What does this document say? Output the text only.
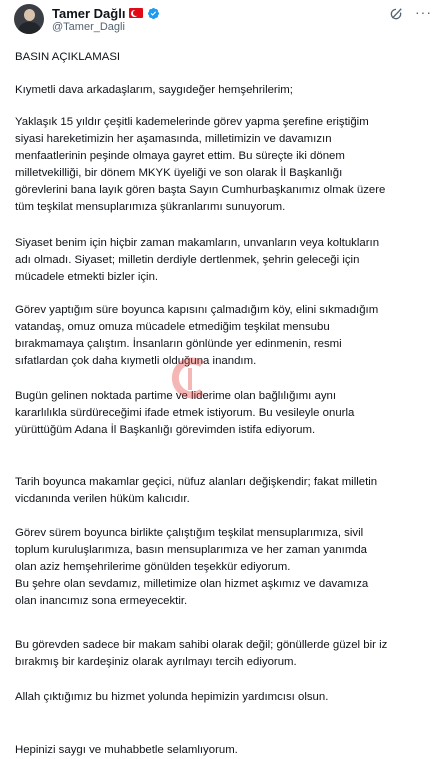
Tamer Dağlı
@Tamer_Dagli
···

BASIN AÇIKLAMASI

Kıymetli dava arkadaşlarım, saygıdeğer hemşehrilerim;

Yaklaşık 15 yıldır çeşitli kademelerinde görev yapma şerefine eriştiğim
siyasi hareketimizin her aşamasında, milletimizin ve davamızın
menfaatlerinin peşinde olmaya gayret ettim. Bu süreçte iki dönem
milletvekilliği, bir dönem MKYK üyeliği ve son olarak İl Başkanlığı
görevlerini bana layık gören başta Sayın Cumhurbaşkanımız olmak üzere
tüm teşkilat mensuplarımıza şükranlarımı sunuyorum.

Siyaset benim için hiçbir zaman makamların, unvanların veya koltukların
adı olmadı. Siyaset; milletin derdiyle dertlenmek, şehrin geleceği için
mücadele etmekti bizler için.

Görev yaptığım süre boyunca kapısını çalmadığım köy, elini sıkmadığım
vatandaş, omuz omuza mücadele etmediğim teşkilat mensubu
bırakmamaya çalıştım. İnsanların gönlünde yer edinmenin, resmi
sıfatlardan çok daha kıymetli olduğuna inandım.

Bugün gelinen noktada partime ve liderime olan bağlılığımı aynı
kararlılıkla sürdüreceğimi ifade etmek istiyorum. Bu vesileyle onurla
yürüttüğüm Adana İl Başkanlığı görevimden istifa ediyorum.

Tarih boyunca makamlar geçici, nüfuz alanları değişkendir; fakat milletin
vicdanında verilen hüküm kalıcıdır.

Görev sürem boyunca birlikte çalıştığım teşkilat mensuplarımıza, sivil
toplum kuruluşlarımıza, basın mensuplarımıza ve her zaman yanımda
olan aziz hemşehrilerime gönülden teşekkür ediyorum.

Bu şehre olan sevdamız, milletimize olan hizmet aşkımız ve davamıza
olan inancımız sona ermeyecektir.

Bu görevden sadece bir makam sahibi olarak değil; gönüllerde güzel bir iz
bırakmış bir kardeşiniz olarak ayrılmayı tercih ediyorum.

Allah çıktığımız bu hizmet yolunda hepimizin yardımcısı olsun.

Hepinizi saygı ve muhabbetle selamlıyorum.
